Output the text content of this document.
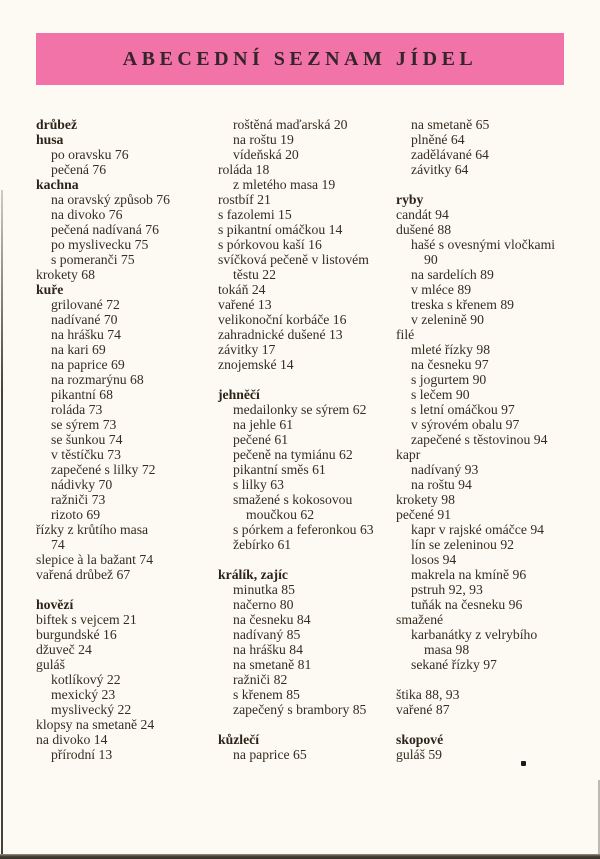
ABECEDNÍ SEZNAM JÍDEL
drůbež
husa
po oravsku 76
pečená 76
kachna
na oravský způsob 76
na divoko 76
pečená nadívaná 76
po myslivecku 75
s pomeranči 75
krokety 68
kuře
grilované 72
nadívané 70
na hrášku 74
na kari 69
na paprice 69
na rozmarýnu 68
pikantní 68
roláda 73
se sýrem 73
se šunkou 74
v těstíčku 73
zapečené s lilky 72
nádivky 70
ražniči 73
rizoto 69
řízky z krůtího masa
74
slepice à la bažant 74
vařená drůbež 67

hovězí
biftek s vejcem 21
burgundské 16
džuveč 24
guláš
kotlíkový 22
mexický 23
myslivecký 22
klopsy na smetaně 24
na divoko 14
přírodní 13
roštěná maďarská 20
na roštu 19
vídeňská 20
roláda 18
z mletého masa 19
rostbíf 21
s fazolemi 15
s pikantní omáčkou 14
s pórkovou kaší 16
svíčková pečeně v listovém
těstu 22
tokáň 24
vařené 13
velikonoční korbáče 16
zahradnické dušené 13
závitky 17
znojemské 14

jehněčí
medailonky se sýrem 62
na jehle 61
pečené 61
pečeně na tymiánu 62
pikantní směs 61
s lilky 63
smažené s kokosovou
moučkou 62
s pórkem a feferonkou 63
žebírko 61

králík, zajíc
minutka 85
načerno 80
na česneku 84
nadívaný 85
na hrášku 84
na smetaně 81
ražniči 82
s křenem 85
zapečený s brambory 85

kůzlečí
na paprice 65
na smetaně 65
plněné 64
zadělávané 64
závitky 64

ryby
candát 94
dušené 88
hašé s ovesnými vločkami
90
na sardelích 89
v mléce 89
treska s křenem 89
v zelenině 90
filé
mleté řízky 98
na česneku 97
s jogurtem 90
s lečem 90
s letní omáčkou 97
v sýrovém obalu 97
zapečené s těstovinou 94
kapr
nadívaný 93
na roštu 94
krokety 98
pečené 91
kapr v rajské omáčce 94
lín se zeleninou 92
losos 94
makrela na kmíně 96
pstruh 92, 93
tuňák na česneku 96
smažené
karbanátky z velrybího
masa 98
sekané řízky 97

štika 88, 93
vařené 87

skopové
guláš 59
